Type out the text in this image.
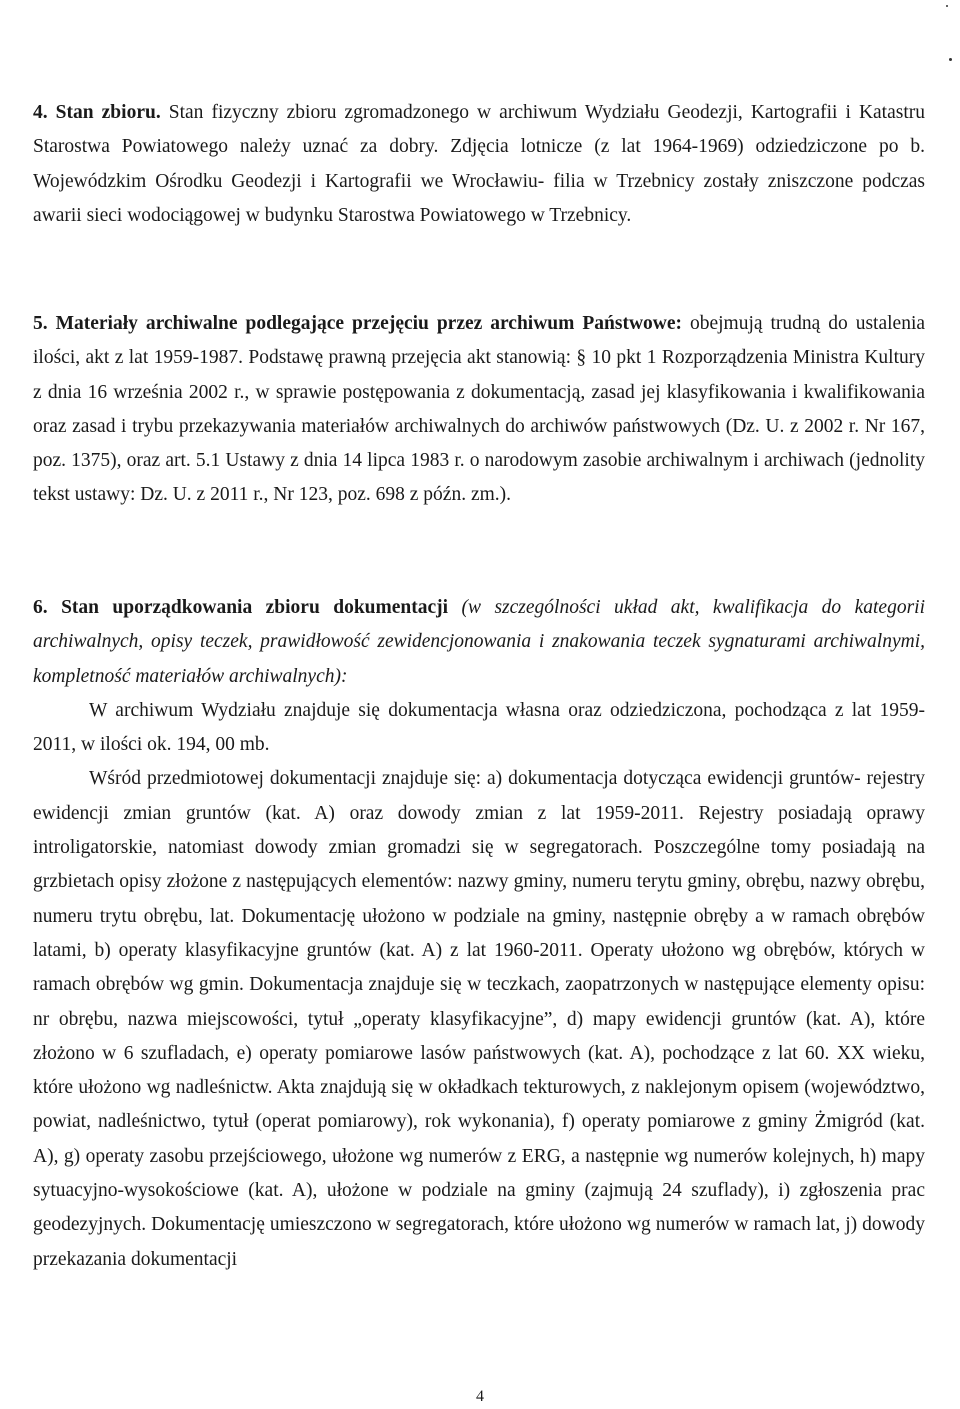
4. Stan zbioru. Stan fizyczny zbioru zgromadzonego w archiwum Wydziału Geodezji, Kartografii i Katastru Starostwa Powiatowego należy uznać za dobry. Zdjęcia lotnicze (z lat 1964-1969) odziedziczone po b. Wojewódzkim Ośrodku Geodezji i Kartografii we Wrocławiu- filia w Trzebnicy zostały zniszczone podczas awarii sieci wodociągowej w budynku Starostwa Powiatowego w Trzebnicy.
5. Materiały archiwalne podlegające przejęciu przez archiwum Państwowe: obejmują trudną do ustalenia ilości, akt z lat 1959-1987. Podstawę prawną przejęcia akt stanowią: § 10 pkt 1 Rozporządzenia Ministra Kultury z dnia 16 września 2002 r., w sprawie postępowania z dokumentacją, zasad jej klasyfikowania i kwalifikowania oraz zasad i trybu przekazywania materiałów archiwalnych do archiwów państwowych (Dz. U. z 2002 r. Nr 167, poz. 1375), oraz art. 5.1 Ustawy z dnia 14 lipca 1983 r. o narodowym zasobie archiwalnym i archiwach (jednolity tekst ustawy: Dz. U. z 2011 r., Nr 123, poz. 698 z późn. zm.).
6. Stan uporządkowania zbioru dokumentacji (w szczególności układ akt, kwalifikacja do kategorii archiwalnych, opisy teczek, prawidłowość zewidencjonowania i znakowania teczek sygnaturami archiwalnymi, kompletność materiałów archiwalnych):
W archiwum Wydziału znajduje się dokumentacja własna oraz odziedziczona, pochodząca z lat 1959-2011, w ilości ok. 194, 00 mb.
Wśród przedmiotowej dokumentacji znajduje się: a) dokumentacja dotycząca ewidencji gruntów- rejestry ewidencji zmian gruntów (kat. A) oraz dowody zmian z lat 1959-2011. Rejestry posiadają oprawy introligatorskie, natomiast dowody zmian gromadzi się w segregatorach. Poszczególne tomy posiadają na grzbietach opisy złożone z następujących elementów: nazwy gminy, numeru terytu gminy, obrębu, nazwy obrębu, numeru trytu obrębu, lat. Dokumentację ułożono w podziale na gminy, następnie obręby a w ramach obrębów latami, b) operaty klasyfikacyjne gruntów (kat. A) z lat 1960-2011. Operaty ułożono wg obrębów, których w ramach obrębów wg gmin. Dokumentacja znajduje się w teczkach, zaopatrzonych w następujące elementy opisu: nr obrębu, nazwa miejscowości, tytuł „operaty klasyfikacyjne”, d) mapy ewidencji gruntów (kat. A), które złożono w 6 szufladach, e) operaty pomiarowe lasów państwowych (kat. A), pochodzące z lat 60. XX wieku, które ułożono wg nadleśnictw. Akta znajdują się w okładkach tekturowych, z naklejonym opisem (województwo, powiat, nadleśnictwo, tytuł (operat pomiarowy), rok wykonania), f) operaty pomiarowe z gminy Żmigród (kat. A), g) operaty zasobu przejściowego, ułożone wg numerów z ERG, a następnie wg numerów kolejnych, h) mapy sytuacyjno-wysokościowe (kat. A), ułożone w podziale na gminy (zajmują 24 szuflady), i) zgłoszenia prac geodezyjnych. Dokumentację umieszczono w segregatorach, które ułożono wg numerów w ramach lat, j) dowody przekazania dokumentacji
4
